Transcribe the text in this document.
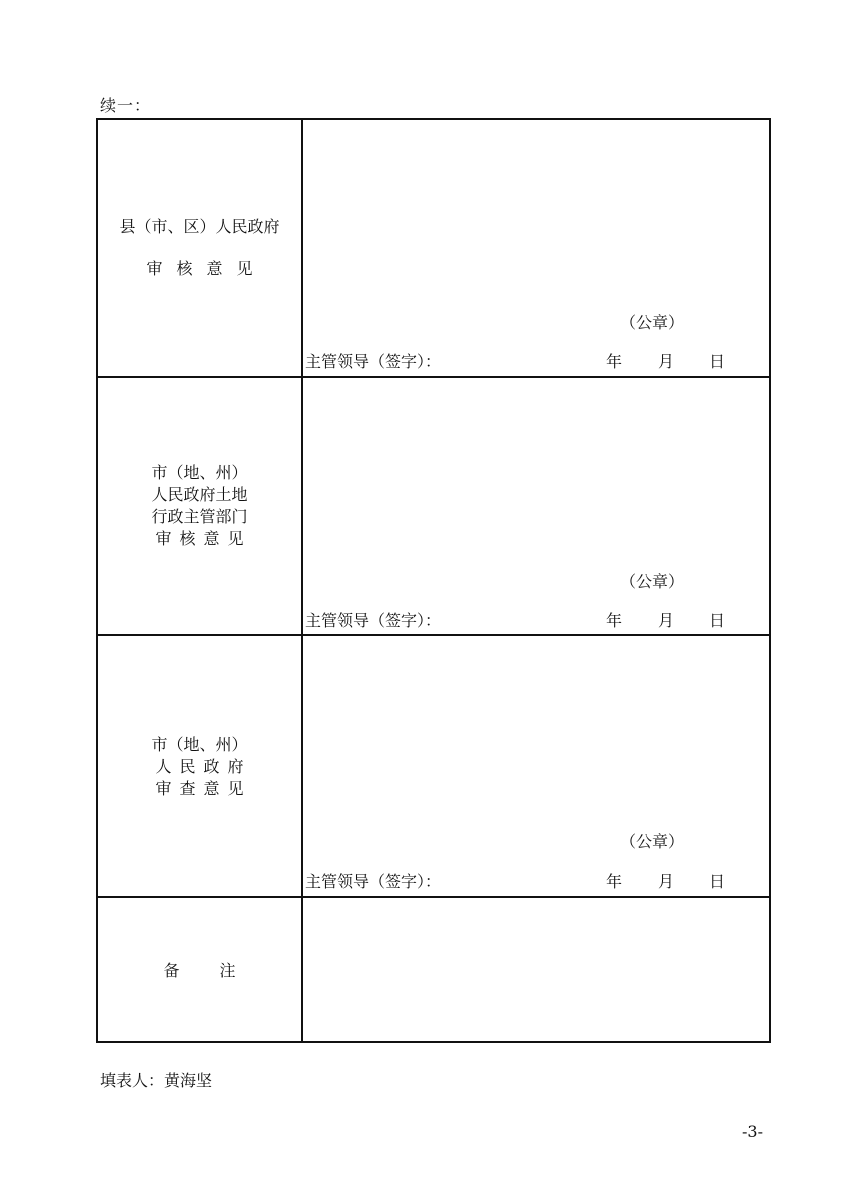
续一：
县（市、区）人民政府
审核意见
（公章）
主管领导（签字）：	年 月 日
市（地、州）
人民政府土地
行政主管部门
审核意见
（公章）
主管领导（签字）：	年 月 日
市（地、州）
人民政府
审查意见
（公章）
主管领导（签字）：	年 月 日
备注
填表人：黄海坚
-3-
